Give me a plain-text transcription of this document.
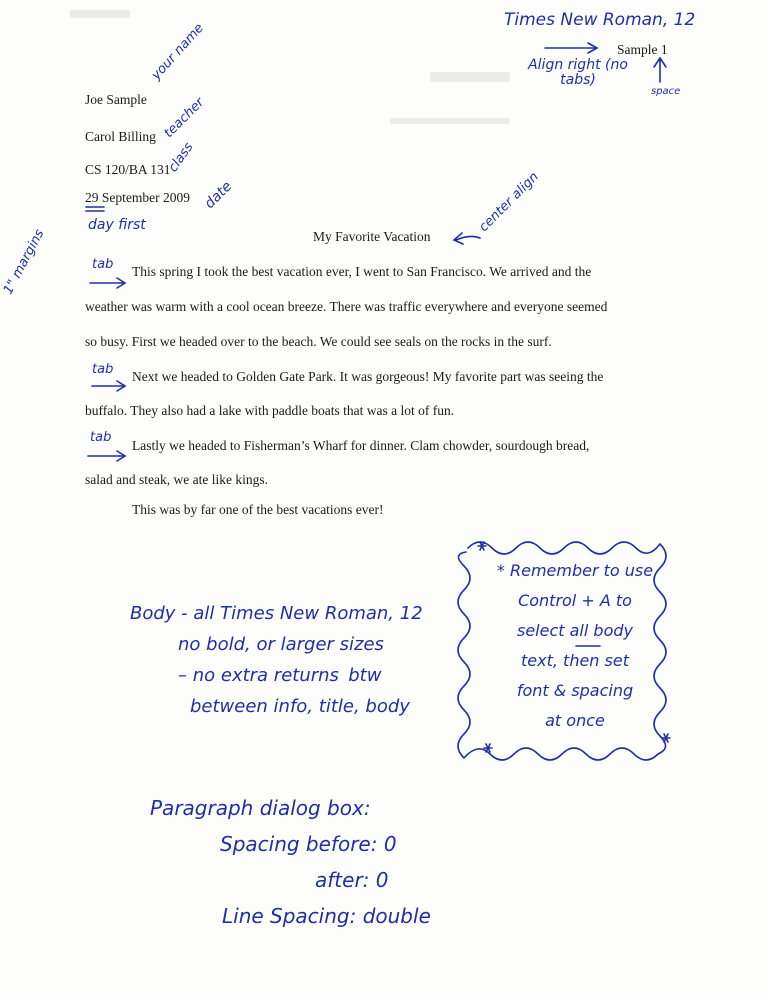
Sample 1
Joe Sample
Carol Billing
CS 120/BA 131
29 September 2009
My Favorite Vacation
This spring I took the best vacation ever, I went to San Francisco. We arrived and the
weather was warm with a cool ocean breeze. There was traffic everywhere and everyone seemed
so busy. First we headed over to the beach. We could see seals on the rocks in the surf.
Next we headed to Golden Gate Park. It was gorgeous! My favorite part was seeing the
buffalo. They also had a lake with paddle boats that was a lot of fun.
Lastly we headed to Fisherman’s Wharf for dinner. Clam chowder, sourdough bread,
salad and steak, we ate like kings.
This was by far one of the best vacations ever!
Times New Roman, 12
Align right (no tabs)
space
your name
teacher
class
date
day first
1" margins
center align
tab
tab
tab
Body - all Times New Roman, 12
no bold, or larger sizes
– no extra returns  btw
between info, title, body
* Remember to use
Control + A to
select all body
text, then set
font & spacing
at once
Paragraph dialog box:
Spacing before: 0
after: 0
Line Spacing: double
